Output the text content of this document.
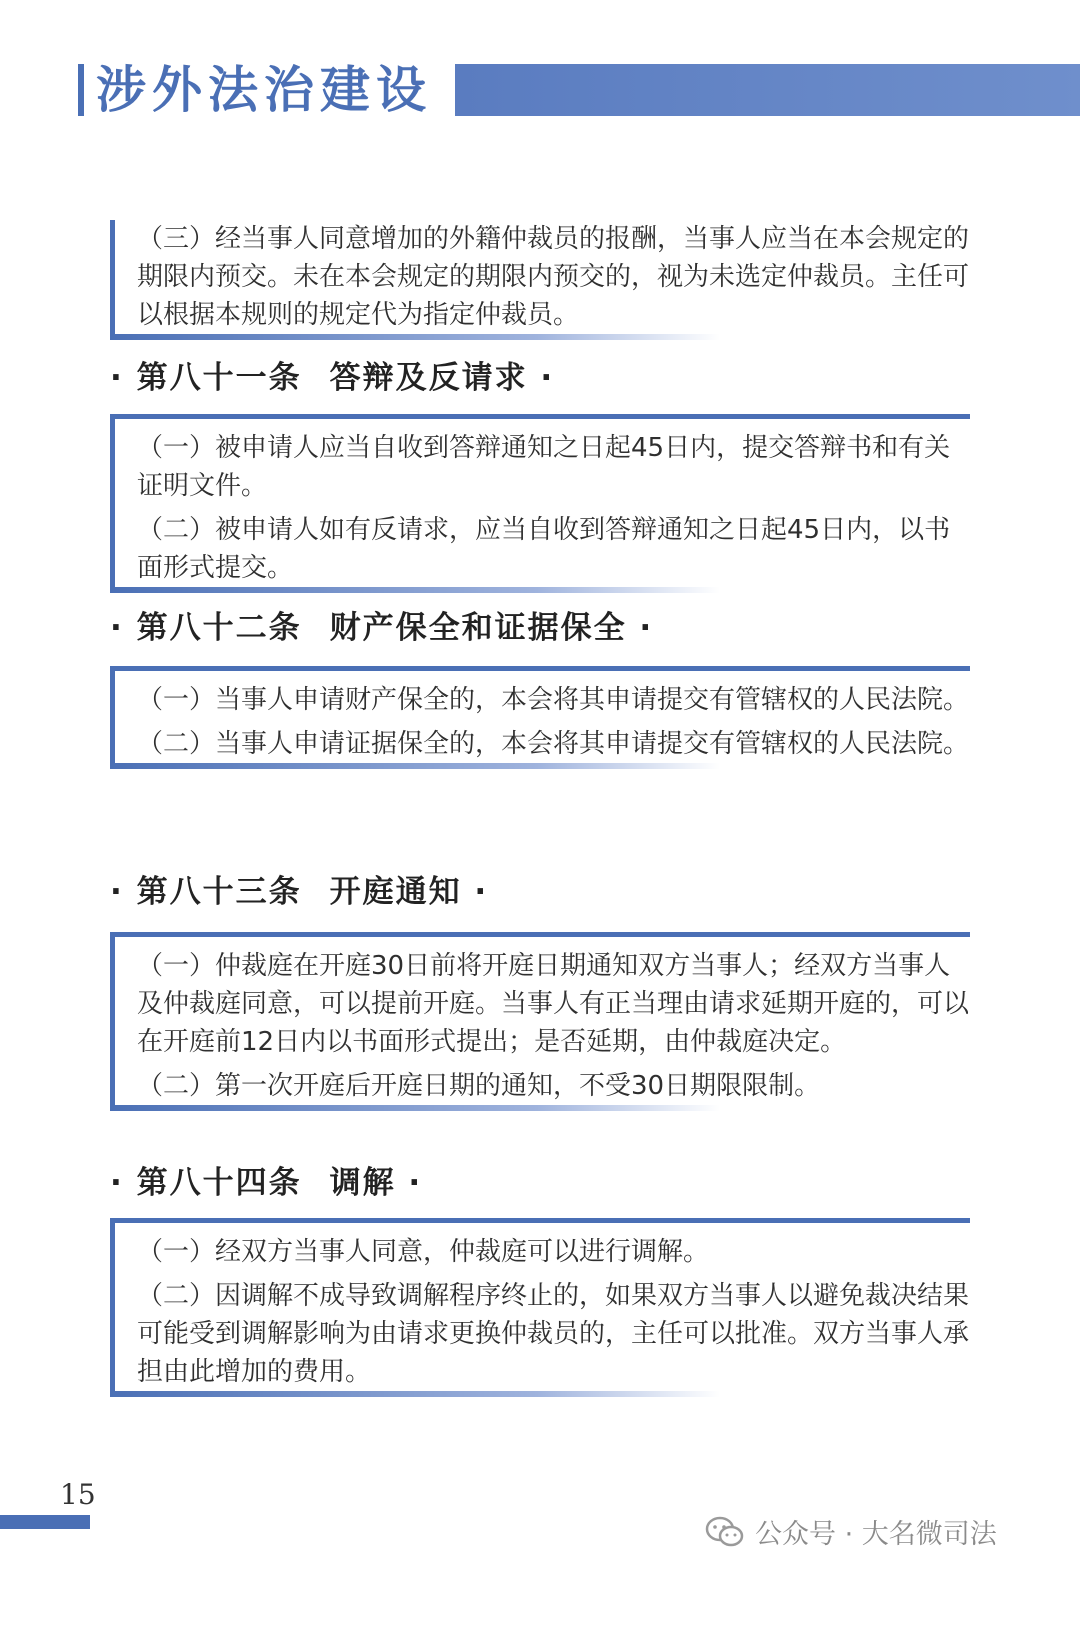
涉外法治建设

（三）经当事人同意增加的外籍仲裁员的报酬，当事人应当在本会规定的期限内预交。未在本会规定的期限内预交的，视为未选定仲裁员。主任可以根据本规则的规定代为指定仲裁员。

· 第八十一条 答辩及反请求 ·

（一）被申请人应当自收到答辩通知之日起45日内，提交答辩书和有关证明文件。

（二）被申请人如有反请求，应当自收到答辩通知之日起45日内，以书面形式提交。

· 第八十二条 财产保全和证据保全 ·

（一）当事人申请财产保全的，本会将其申请提交有管辖权的人民法院。

（二）当事人申请证据保全的，本会将其申请提交有管辖权的人民法院。

· 第八十三条 开庭通知 ·

（一）仲裁庭在开庭30日前将开庭日期通知双方当事人；经双方当事人及仲裁庭同意，可以提前开庭。当事人有正当理由请求延期开庭的，可以在开庭前12日内以书面形式提出；是否延期，由仲裁庭决定。

（二）第一次开庭后开庭日期的通知，不受30日期限限制。

· 第八十四条 调解 ·

（一）经双方当事人同意，仲裁庭可以进行调解。

（二）因调解不成导致调解程序终止的，如果双方当事人以避免裁决结果可能受到调解影响为由请求更换仲裁员的，主任可以批准。双方当事人承担由此增加的费用。

15
公众号 · 大名微司法
